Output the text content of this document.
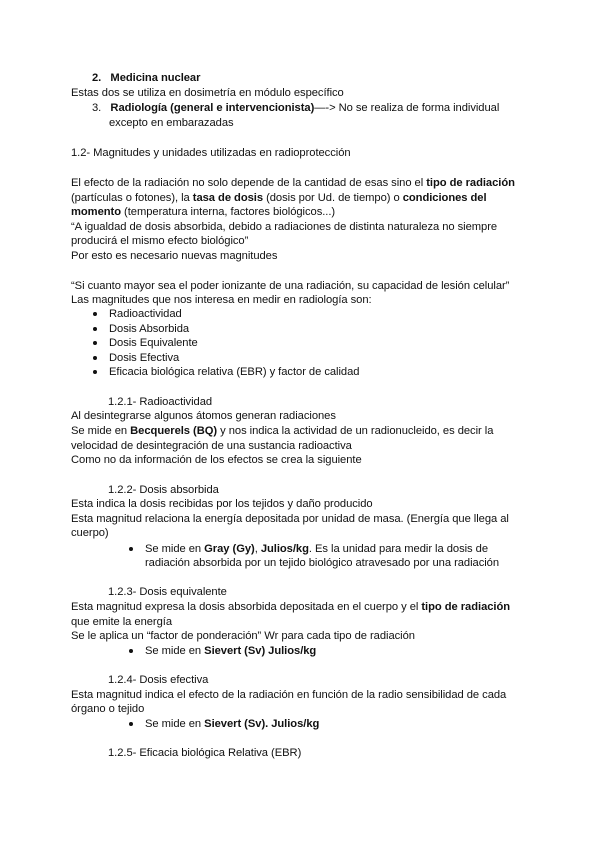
2. Medicina nuclear
Estas dos se utiliza en dosimetría en módulo específico
3. Radiología (general e intervencionista)—-> No se realiza de forma individual
excepto en embarazadas
1.2- Magnitudes y unidades utilizadas en radioprotección
El efecto de la radiación no solo depende de la cantidad de esas sino el tipo de radiación
(partículas o fotones), la tasa de dosis (dosis por Ud. de tiempo) o condiciones del
momento (temperatura interna, factores biológicos...)
“A igualdad de dosis absorbida, debido a radiaciones de distinta naturaleza no siempre
producirá el mismo efecto biológico”
Por esto es necesario nuevas magnitudes
“Si cuanto mayor sea el poder ionizante de una radiación, su capacidad de lesión celular”
Las magnitudes que nos interesa en medir en radiología son:
Radioactividad
Dosis Absorbida
Dosis Equivalente
Dosis Efectiva
Eficacia biológica relativa (EBR) y factor de calidad
1.2.1- Radioactividad
Al desintegrarse algunos átomos generan radiaciones
Se mide en Becquerels (BQ) y nos indica la actividad de un radionucleido, es decir la
velocidad de desintegración de una sustancia radioactiva
Como no da información de los efectos se crea la siguiente
1.2.2- Dosis absorbida
Esta indica la dosis recibidas por los tejidos y daño producido
Esta magnitud relaciona la energía depositada por unidad de masa. (Energía que llega al
cuerpo)
Se mide en Gray (Gy), Julios/kg. Es la unidad para medir la dosis de
radiación absorbida por un tejido biológico atravesado por una radiación
1.2.3- Dosis equivalente
Esta magnitud expresa la dosis absorbida depositada en el cuerpo y el tipo de radiación
que emite la energía
Se le aplica un “factor de ponderación” Wr para cada tipo de radiación
Se mide en Sievert (Sv) Julios/kg
1.2.4- Dosis efectiva
Esta magnitud indica el efecto de la radiación en función de la radio sensibilidad de cada
órgano o tejido
Se mide en Sievert (Sv). Julios/kg
1.2.5- Eficacia biológica Relativa (EBR)
